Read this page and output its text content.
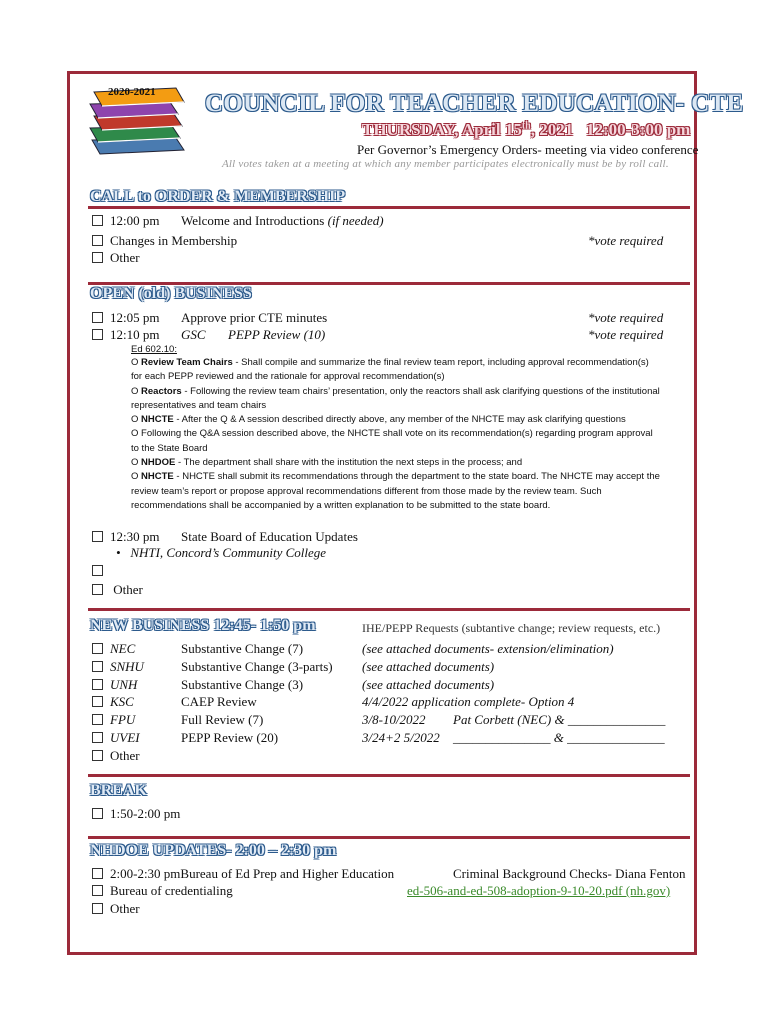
2020-2021 COUNCIL FOR TEACHER EDUCATION- CTE
THURSDAY, April 15th, 2021   12:00-3:00 pm
Per Governor’s Emergency Orders- meeting via video conference
All votes taken at a meeting at which any member participates electronically must be by roll call.
CALL to ORDER & MEMBERSHIP
12:00 pm Welcome and Introductions (if needed)
Changes in Membership	*vote required
Other
OPEN (old) BUSINESS
12:05 pm Approve prior CTE minutes	*vote required
12:10 pm GSC PEPP Review (10)	*vote required
Ed 602.10:
O Review Team Chairs - Shall compile and summarize the final review team report, including approval recommendation(s) for each PEPP reviewed and the rationale for approval recommendation(s)
O Reactors - Following the review team chairs’ presentation, only the reactors shall ask clarifying questions of the institutional representatives and team chairs
O NHCTE - After the Q & A session described directly above, any member of the NHCTE may ask clarifying questions
O Following the Q&A session described above, the NHCTE shall vote on its recommendation(s) regarding program approval to the State Board
O NHDOE - The department shall share with the institution the next steps in the process; and
O NHCTE - NHCTE shall submit its recommendations through the department to the state board. The NHCTE may accept the review team’s report or propose approval recommendations different from those made by the review team. Such recommendations shall be accompanied by a written explanation to be submitted to the state board.
12:30 pm State Board of Education Updates
•   NHTI, Concord’s Community College
Other
NEW BUSINESS 12:45- 1:50 pm	IHE/PEPP Requests (subtantive change; review requests, etc.)
NEC	Substantive Change (7)	(see attached documents- extension/elimination)
SNHU	Substantive Change (3-parts) (see attached documents)
UNH	Substantive Change (3)	(see attached documents)
KSC	CAEP Review	4/4/2022 application complete- Option 4
FPU	Full Review (7)	3/8-10/2022 Pat Corbett (NEC) & _______________
UVEI	PEPP Review (20)	3/24+2 5/2022 _______________ & _______________
Other
BREAK
1:50-2:00 pm
NHDOE UPDATES- 2:00 – 2:30 pm
2:00-2:30 pmBureau of Ed Prep and Higher Education	Criminal Background Checks- Diana Fenton
Bureau of credentialing	ed-506-and-ed-508-adoption-9-10-20.pdf (nh.gov)
Other
